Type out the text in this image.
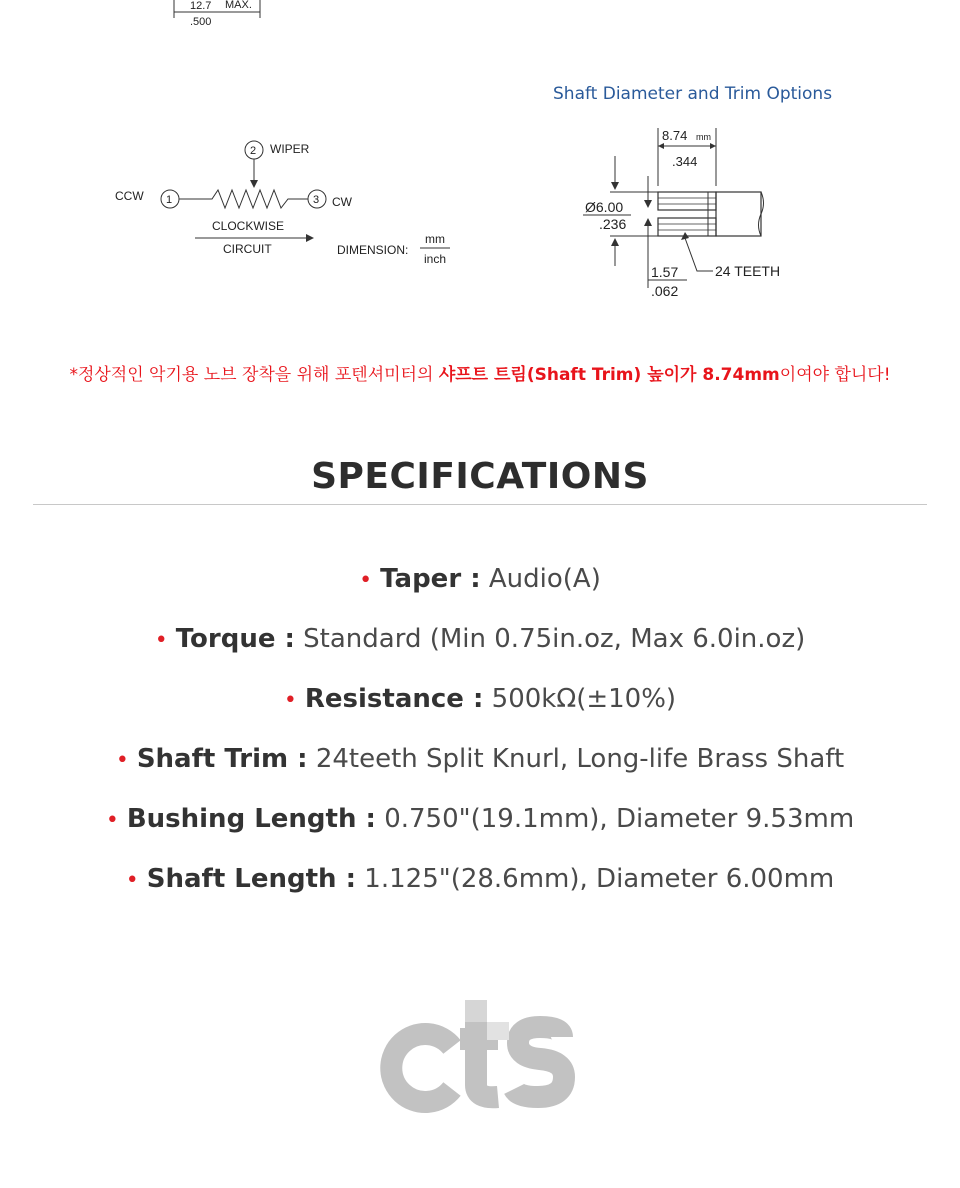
12.7 MAX.
.500
CCW 1	3 CW
2 WIPER
CLOCKWISE
CIRCUIT	DIMENSION:
mm
inch
Shaft Diameter and Trim Options
8.74 mm
.344
Ø6.00
.236
1.57
.062
24 TEETH
*정상적인 악기용 노브 장착을 위해 포텐셔미터의 샤프트 트림(Shaft Trim) 높이가 8.74mm이여야 합니다!
SPECIFICATIONS
• Taper : Audio(A)
• Torque : Standard (Min 0.75in.oz, Max 6.0in.oz)
• Resistance : 500kΩ(±10%)
• Shaft Trim : 24teeth Split Knurl, Long-life Brass Shaft
• Bushing Length : 0.750"(19.1mm), Diameter 9.53mm
• Shaft Length : 1.125"(28.6mm), Diameter 6.00mm
